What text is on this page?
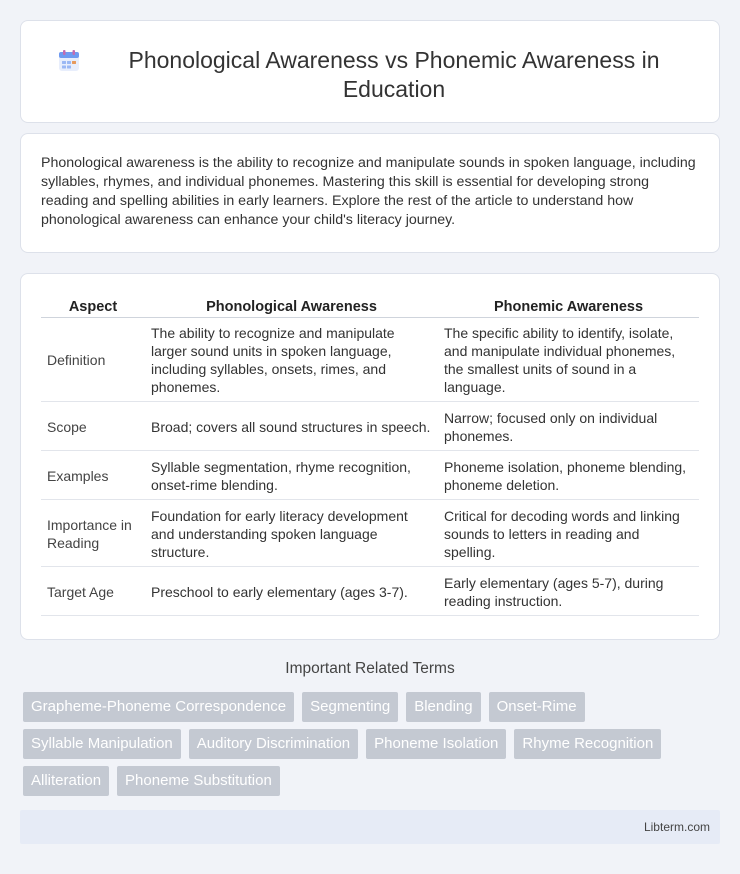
Phonological Awareness vs Phonemic Awareness in Education

Phonological awareness is the ability to recognize and manipulate sounds in spoken language, including syllables, rhymes, and individual phonemes. Mastering this skill is essential for developing strong reading and spelling abilities in early learners. Explore the rest of the article to understand how phonological awareness can enhance your child's literacy journey.

Aspect	Phonological Awareness	Phonemic Awareness
Definition	The ability to recognize and manipulate larger sound units in spoken language, including syllables, onsets, rimes, and phonemes.	The specific ability to identify, isolate, and manipulate individual phonemes, the smallest units of sound in a language.
Scope	Broad; covers all sound structures in speech.	Narrow; focused only on individual phonemes.
Examples	Syllable segmentation, rhyme recognition, onset-rime blending.	Phoneme isolation, phoneme blending, phoneme deletion.
Importance in Reading	Foundation for early literacy development and understanding spoken language structure.	Critical for decoding words and linking sounds to letters in reading and spelling.
Target Age	Preschool to early elementary (ages 3-7).	Early elementary (ages 5-7), during reading instruction.
Important Related Terms
Grapheme-Phoneme Correspondence	Segmenting	Blending	Onset-Rime
Syllable Manipulation	Auditory Discrimination	Phoneme Isolation	Rhyme Recognition
Alliteration	Phoneme Substitution
Libterm.com
